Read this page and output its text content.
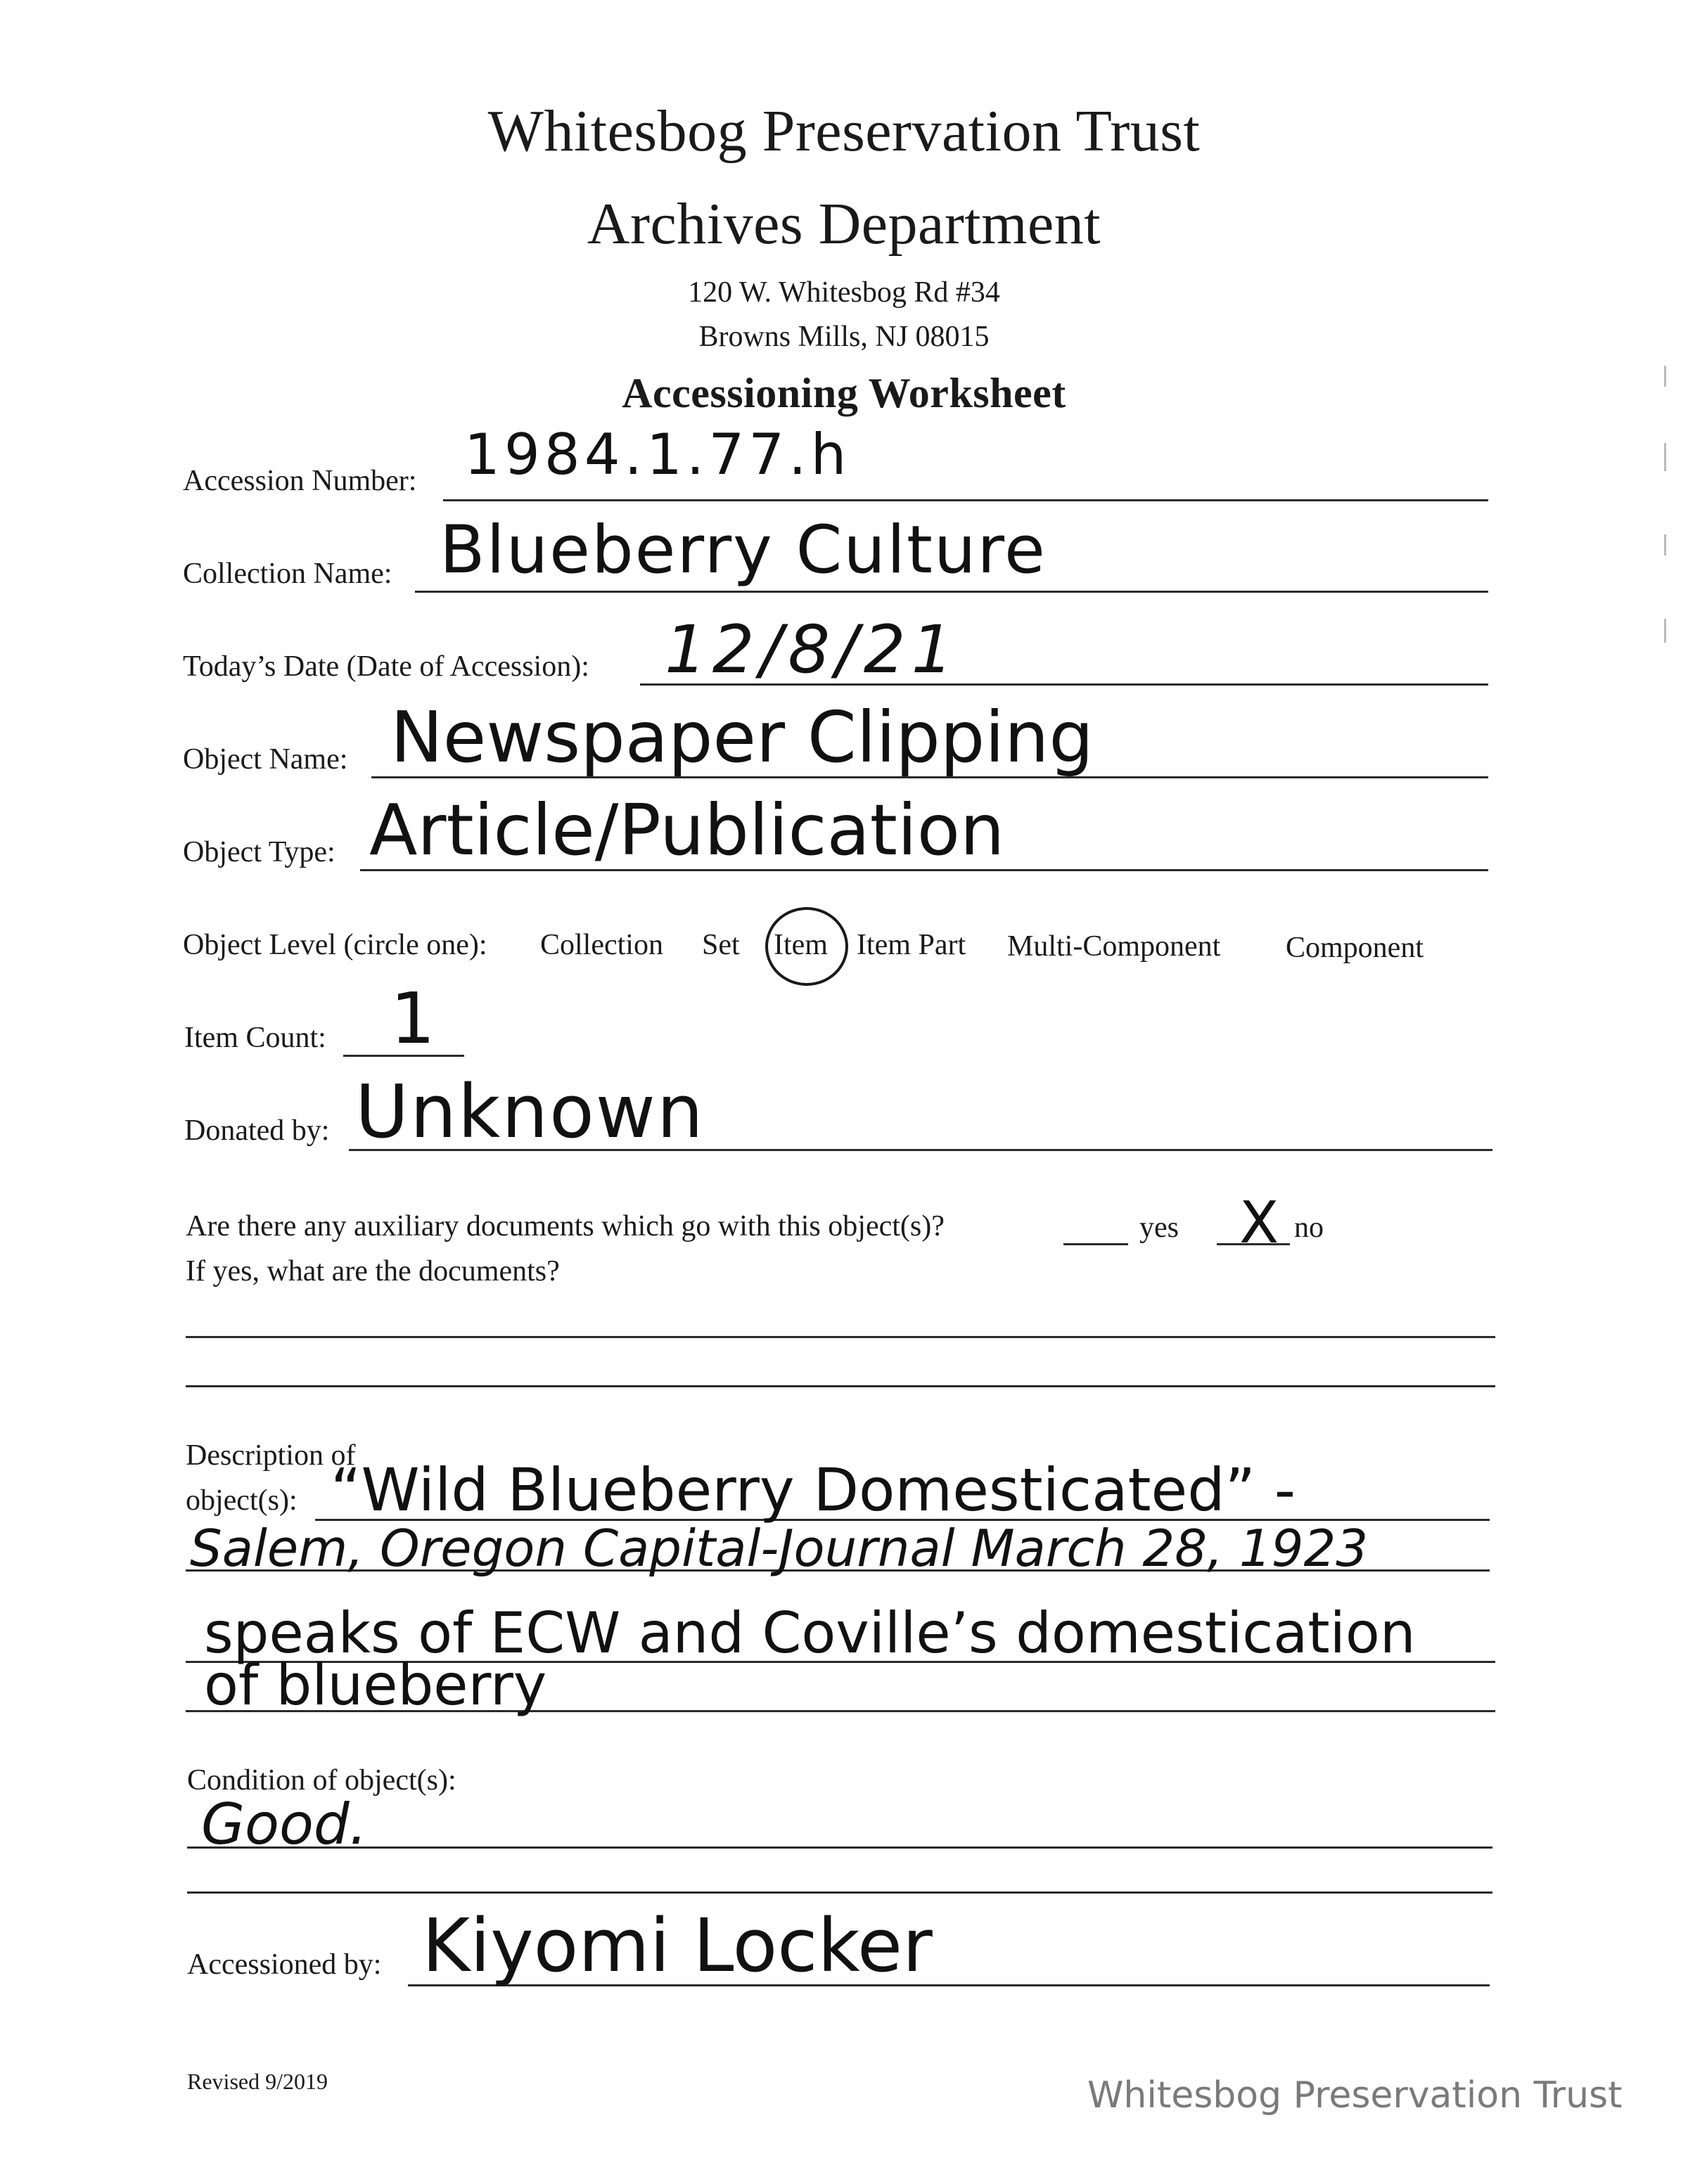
Whitesbog Preservation Trust
Archives Department
120 W. Whitesbog Rd #34
Browns Mills, NJ 08015
Accessioning Worksheet
Accession Number: 1984.1.77.h
Collection Name: Blueberry Culture
Today’s Date (Date of Accession): 12/8/21
Object Name: Newspaper Clipping
Object Type: Article/Publication
Object Level (circle one): Collection Set Item Item Part Multi-Component Component
Item Count: 1
Donated by: Unknown
Are there any auxiliary documents which go with this object(s)?	yes X no
If yes, what are the documents?
Description of
object(s): “Wild Blueberry Domesticated” -
Salem, Oregon Capital-Journal March 28, 1923
speaks of ECW and Coville’s domestication
of blueberry
Condition of object(s):
Good.
Accessioned by: Kiyomi Locker
Revised 9/2019	Whitesbog Preservation Trust
